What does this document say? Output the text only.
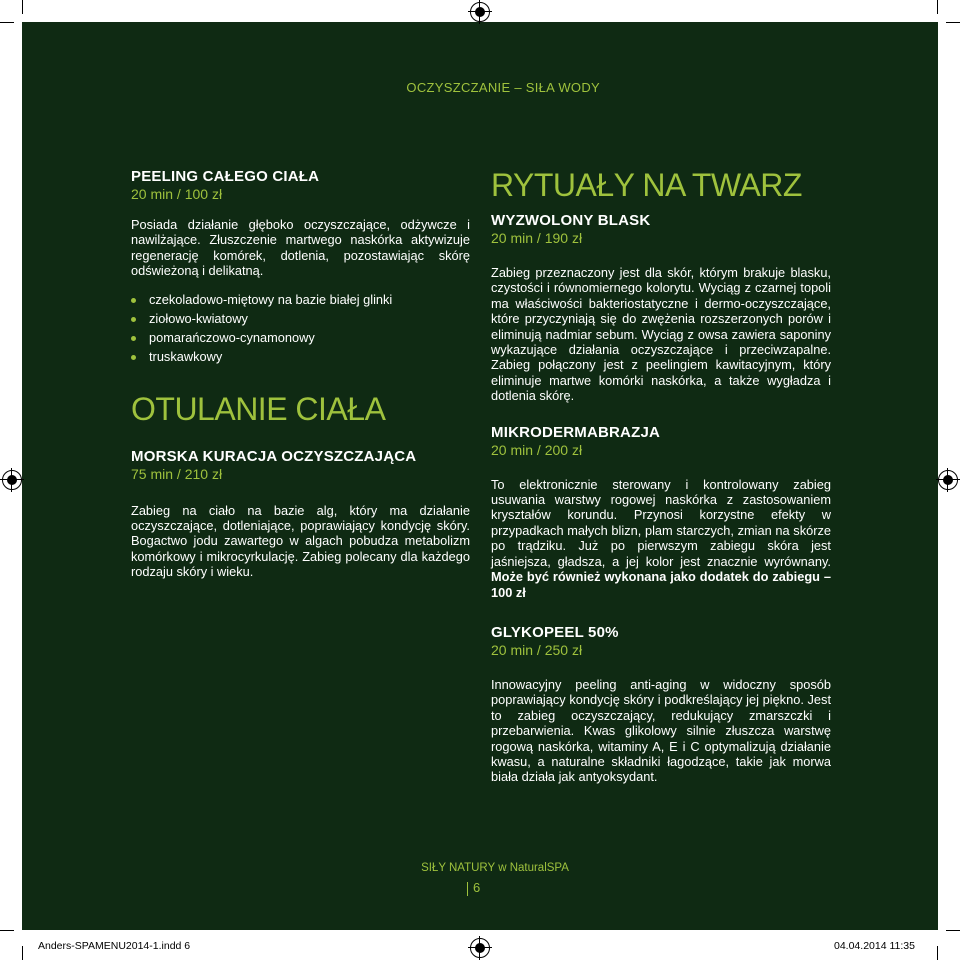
OCZYSZCZANIE – SIŁA WODY
PEELING CAŁEGO CIAŁA
20 min / 100 zł

Posiada działanie głęboko oczyszczające, odżywcze i nawilżające. Złuszczenie martwego naskórka aktywizuje regenerację komórek, dotlenia, pozostawiając skórę odświeżoną i delikatną.

czekoladowo-miętowy na bazie białej glinki
ziołowo-kwiatowy
pomarańczowo-cynamonowy
truskawkowy
OTULANIE CIAŁA
MORSKA KURACJA OCZYSZCZAJĄCA
75 min / 210 zł

Zabieg na ciało na bazie alg, który ma działanie oczyszczające, dotleniające, poprawiający kondycję skóry. Bogactwo jodu zawartego w algach pobudza metabolizm komórkowy i mikrocyrkulację. Zabieg polecany dla każdego rodzaju skóry i wieku.

RYTUAŁY NA TWARZ
WYZWOLONY BLASK
20 min / 190 zł

Zabieg przeznaczony jest dla skór, którym brakuje blasku, czystości i równomiernego kolorytu. Wyciąg z czarnej topoli ma właściwości bakteriostatyczne i dermo-oczyszczające, które przyczyniają się do zwężenia rozszerzonych porów i eliminują nadmiar sebum. Wyciąg z owsa zawiera saponiny wykazujące działania oczyszczające i przeciwzapalne. Zabieg połączony jest z peelingiem kawitacyjnym, który eliminuje martwe komórki naskórka, a także wygładza i dotlenia skórę.

MIKRODERMABRAZJA
20 min / 200 zł

To elektronicznie sterowany i kontrolowany zabieg usuwania warstwy rogowej naskórka z zastosowaniem kryształów korundu. Przynosi korzystne efekty w przypadkach małych blizn, plam starczych, zmian na skórze po trądziku. Już po pierwszym zabiegu skóra jest jaśniejsza, gładsza, a jej kolor jest znacznie wyrównany. Może być również wykonana jako dodatek do zabiegu – 100 zł

GLYKOPEEL 50%
20 min / 250 zł

Innowacyjny peeling anti-aging w widoczny sposób poprawiający kondycję skóry i podkreślający jej piękno. Jest to zabieg oczyszczający, redukujący zmarszczki i przebarwienia. Kwas glikolowy silnie złuszcza warstwę rogową naskórka, witaminy A, E i C optymalizują działanie kwasu, a naturalne składniki łagodzące, takie jak morwa biała działa jak antyoksydant.

SIŁY NATURY w NaturalSPA
6
Anders-SPAMENU2014-1.indd 6	04.04.2014 11:35
